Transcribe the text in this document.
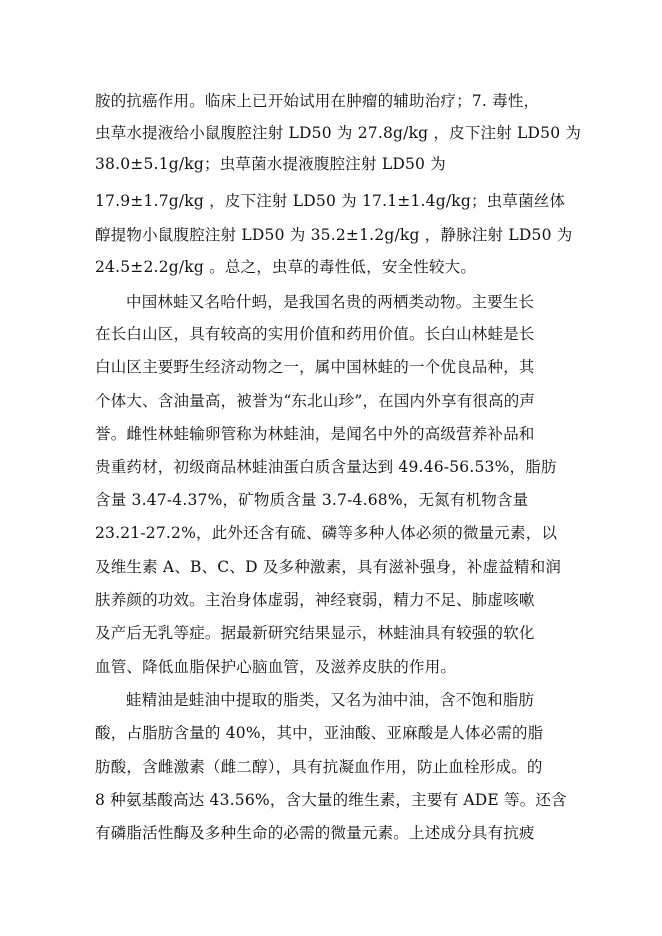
胺的抗癌作用。临床上已开始试用在肿瘤的辅助治疗；7. 毒性，
虫草水提液给小鼠腹腔注射 LD50 为 27.8g/kg ，皮下注射 LD50 为
38.0±5.1g/kg；虫草菌水提液腹腔注射 LD50 为
17.9±1.7g/kg ，皮下注射 LD50 为 17.1±1.4g/kg；虫草菌丝体
醇提物小鼠腹腔注射 LD50 为 35.2±1.2g/kg ，静脉注射 LD50 为
24.5±2.2g/kg 。总之，虫草的毒性低，安全性较大。
中国林蛙又名哈什蚂，是我国名贵的两栖类动物。主要生长
在长白山区，具有较高的实用价值和药用价值。长白山林蛙是长
白山区主要野生经济动物之一，属中国林蛙的一个优良品种，其
个体大、含油量高，被誉为“东北山珍”，在国内外享有很高的声
誉。雌性林蛙输卵管称为林蛙油，是闻名中外的高级营养补品和
贵重药材，初级商品林蛙油蛋白质含量达到 49.46-56.53%，脂肪
含量 3.47-4.37%，矿物质含量 3.7-4.68%，无氮有机物含量
23.21-27.2%，此外还含有硫、磷等多种人体必须的微量元素，以
及维生素 A、B、C、D 及多种激素，具有滋补强身，补虚益精和润
肤养颜的功效。主治身体虚弱，神经衰弱，精力不足、肺虚咳嗽
及产后无乳等症。据最新研究结果显示，林蛙油具有较强的软化
血管、降低血脂保护心脑血管，及滋养皮肤的作用。
蛙精油是蛙油中提取的脂类，又名为油中油，含不饱和脂肪
酸，占脂肪含量的 40%，其中，亚油酸、亚麻酸是人体必需的脂
肪酸，含雌激素（雌二醇），具有抗凝血作用，防止血栓形成。的
8 种氨基酸高达 43.56%，含大量的维生素，主要有 ADE 等。还含
有磷脂活性酶及多种生命的必需的微量元素。上述成分具有抗疲
